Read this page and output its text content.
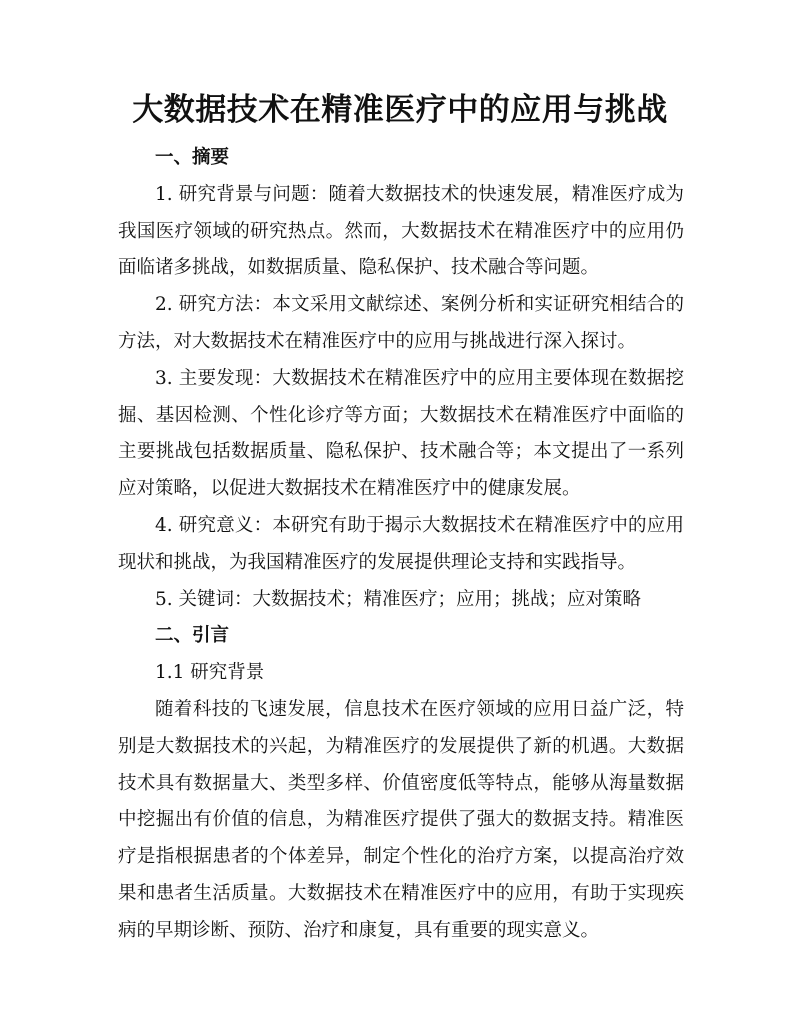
大数据技术在精准医疗中的应用与挑战

一、摘要

1. 研究背景与问题：随着大数据技术的快速发展，精准医疗成为我国医疗领域的研究热点。然而，大数据技术在精准医疗中的应用仍面临诸多挑战，如数据质量、隐私保护、技术融合等问题。

2. 研究方法：本文采用文献综述、案例分析和实证研究相结合的方法，对大数据技术在精准医疗中的应用与挑战进行深入探讨。

3. 主要发现：大数据技术在精准医疗中的应用主要体现在数据挖掘、基因检测、个性化诊疗等方面；大数据技术在精准医疗中面临的主要挑战包括数据质量、隐私保护、技术融合等；本文提出了一系列应对策略，以促进大数据技术在精准医疗中的健康发展。

4. 研究意义：本研究有助于揭示大数据技术在精准医疗中的应用现状和挑战，为我国精准医疗的发展提供理论支持和实践指导。

5. 关键词：大数据技术；精准医疗；应用；挑战；应对策略

二、引言

1.1 研究背景

随着科技的飞速发展，信息技术在医疗领域的应用日益广泛，特别是大数据技术的兴起，为精准医疗的发展提供了新的机遇。大数据技术具有数据量大、类型多样、价值密度低等特点，能够从海量数据中挖掘出有价值的信息，为精准医疗提供了强大的数据支持。精准医疗是指根据患者的个体差异，制定个性化的治疗方案，以提高治疗效果和患者生活质量。大数据技术在精准医疗中的应用，有助于实现疾病的早期诊断、预防、治疗和康复，具有重要的现实意义。
